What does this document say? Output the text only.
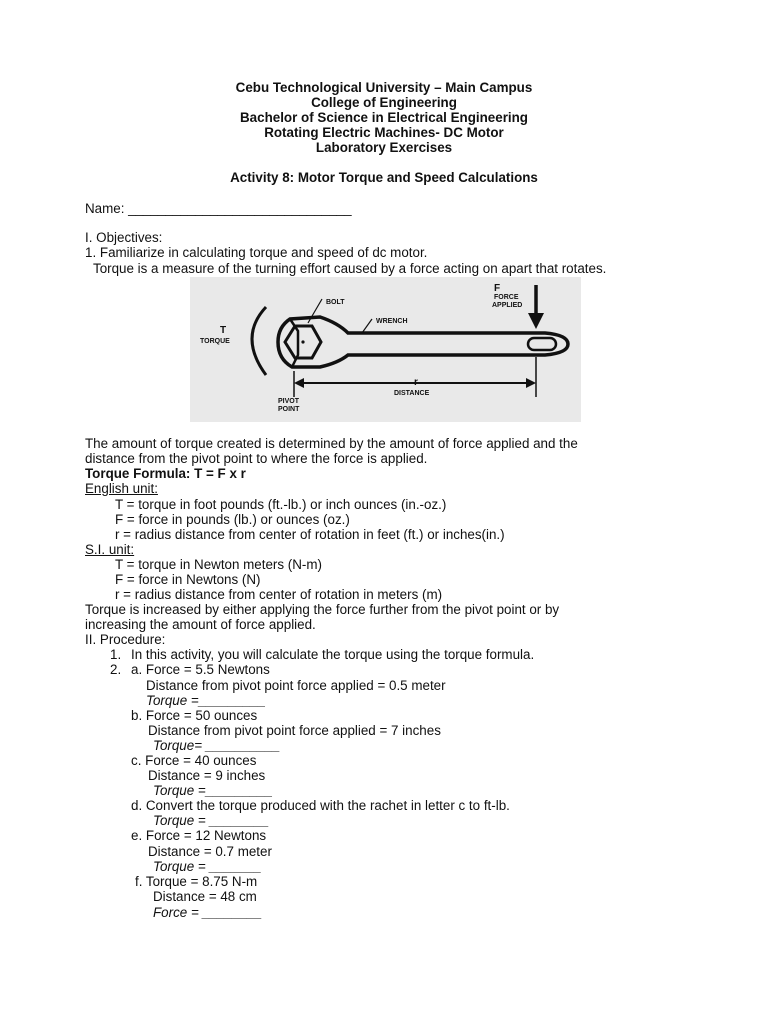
Cebu Technological University – Main Campus
College of Engineering
Bachelor of Science in Electrical Engineering
Rotating Electric Machines- DC Motor
Laboratory Exercises
Activity 8: Motor Torque and Speed Calculations
Name: ______________________________
I. Objectives:
1. Familiarize in calculating torque and speed of dc motor.
Torque is a measure of the turning effort caused by a force acting on apart that rotates.
T
TORQUE
BOLT
WRENCH
F
FORCE
APPLIED
r
DISTANCE
PIVOT
POINT
The amount of torque created is determined by the amount of force applied and the
distance from the pivot point to where the force is applied.
Torque Formula: T = F x r
English unit:
T = torque in foot pounds (ft.-lb.) or inch ounces (in.-oz.)
F = force in pounds (lb.) or ounces (oz.)
r = radius distance from center of rotation in feet (ft.) or inches(in.)
S.I. unit:
T = torque in Newton meters (N-m)
F = force in Newtons (N)
r = radius distance from center of rotation in meters (m)
Torque is increased by either applying the force further from the pivot point or by
increasing the amount of force applied.
II. Procedure:
1. In this activity, you will calculate the torque using the torque formula.
2. a. Force = 5.5 Newtons
Distance from pivot point force applied = 0.5 meter
Torque =_________
b. Force = 50 ounces
Distance from pivot point force applied = 7 inches
Torque= __________
c. Force = 40 ounces
Distance = 9 inches
Torque =_________
d. Convert the torque produced with the rachet in letter c to ft-lb.
Torque = ________
e. Force = 12 Newtons
Distance = 0.7 meter
Torque = _______
f. Torque = 8.75 N-m
Distance = 48 cm
Force = ________
